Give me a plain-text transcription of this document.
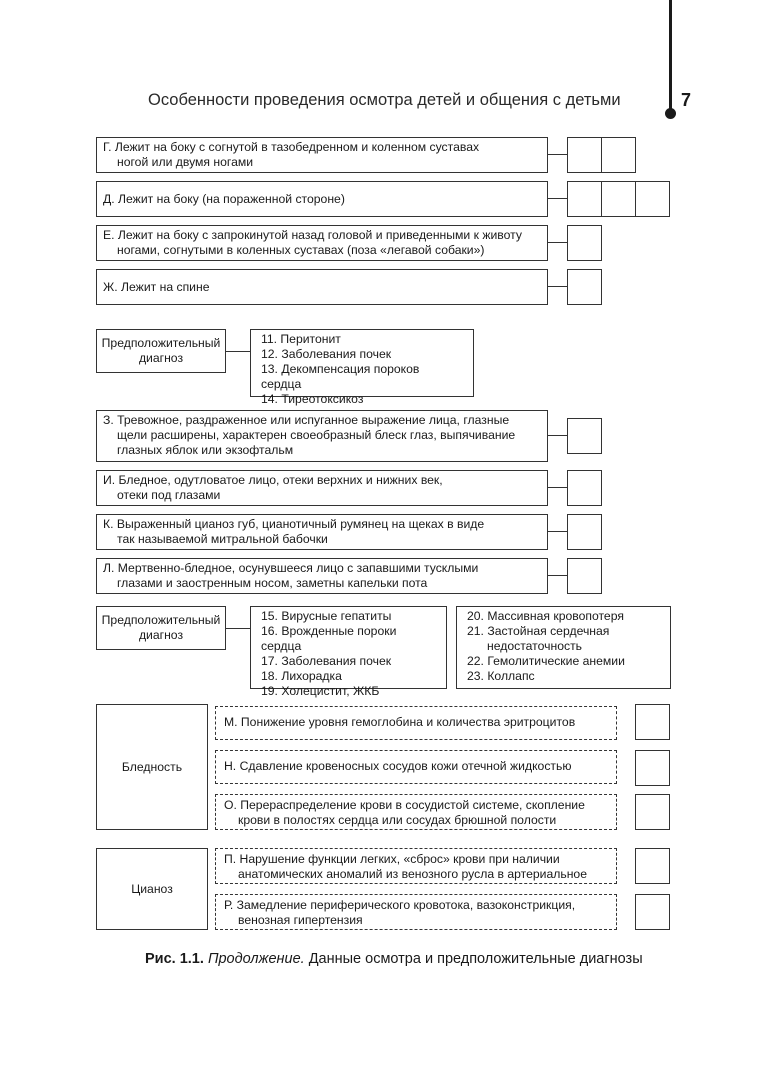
Особенности проведения осмотра детей и общения с детьми	7
Г. Лежит на боку с согнутой в тазобедренном и коленном суставах
ногой или двумя ногами
Д. Лежит на боку (на пораженной стороне)
Е. Лежит на боку с запрокинутой назад головой и приведенными к животу
ногами, согнутыми в коленных суставах (поза «легавой собаки»)
Ж. Лежит на спине
Предположительный
диагноз
11. Перитонит
12. Заболевания почек
13. Декомпенсация пороков сердца
14. Тиреотоксикоз
З. Тревожное, раздраженное или испуганное выражение лица, глазные
щели расширены, характерен своеобразный блеск глаз, выпячивание
глазных яблок или экзофтальм
И. Бледное, одутловатое лицо, отеки верхних и нижних век,
отеки под глазами
К. Выраженный цианоз губ, цианотичный румянец на щеках в виде
так называемой митральной бабочки
Л. Мертвенно-бледное, осунувшееся лицо с запавшими тусклыми
глазами и заостренным носом, заметны капельки пота
Предположительный
диагноз
15. Вирусные гепатиты
16. Врожденные пороки сердца
17. Заболевания почек
18. Лихорадка
19. Холецистит, ЖКБ
20. Массивная кровопотеря
21. Застойная сердечная
недостаточность
22. Гемолитические анемии
23. Коллапс
Бледность
М. Понижение уровня гемоглобина и количества эритроцитов
Н. Сдавление кровеносных сосудов кожи отечной жидкостью
О. Перераспределение крови в сосудистой системе, скопление
крови в полостях сердца или сосудах брюшной полости
Цианоз
П. Нарушение функции легких, «сброс» крови при наличии
анатомических аномалий из венозного русла в артериальное
Р. Замедление периферического кровотока, вазоконстрикция,
венозная гипертензия
Рис. 1.1. Продолжение. Данные осмотра и предположительные диагнозы
